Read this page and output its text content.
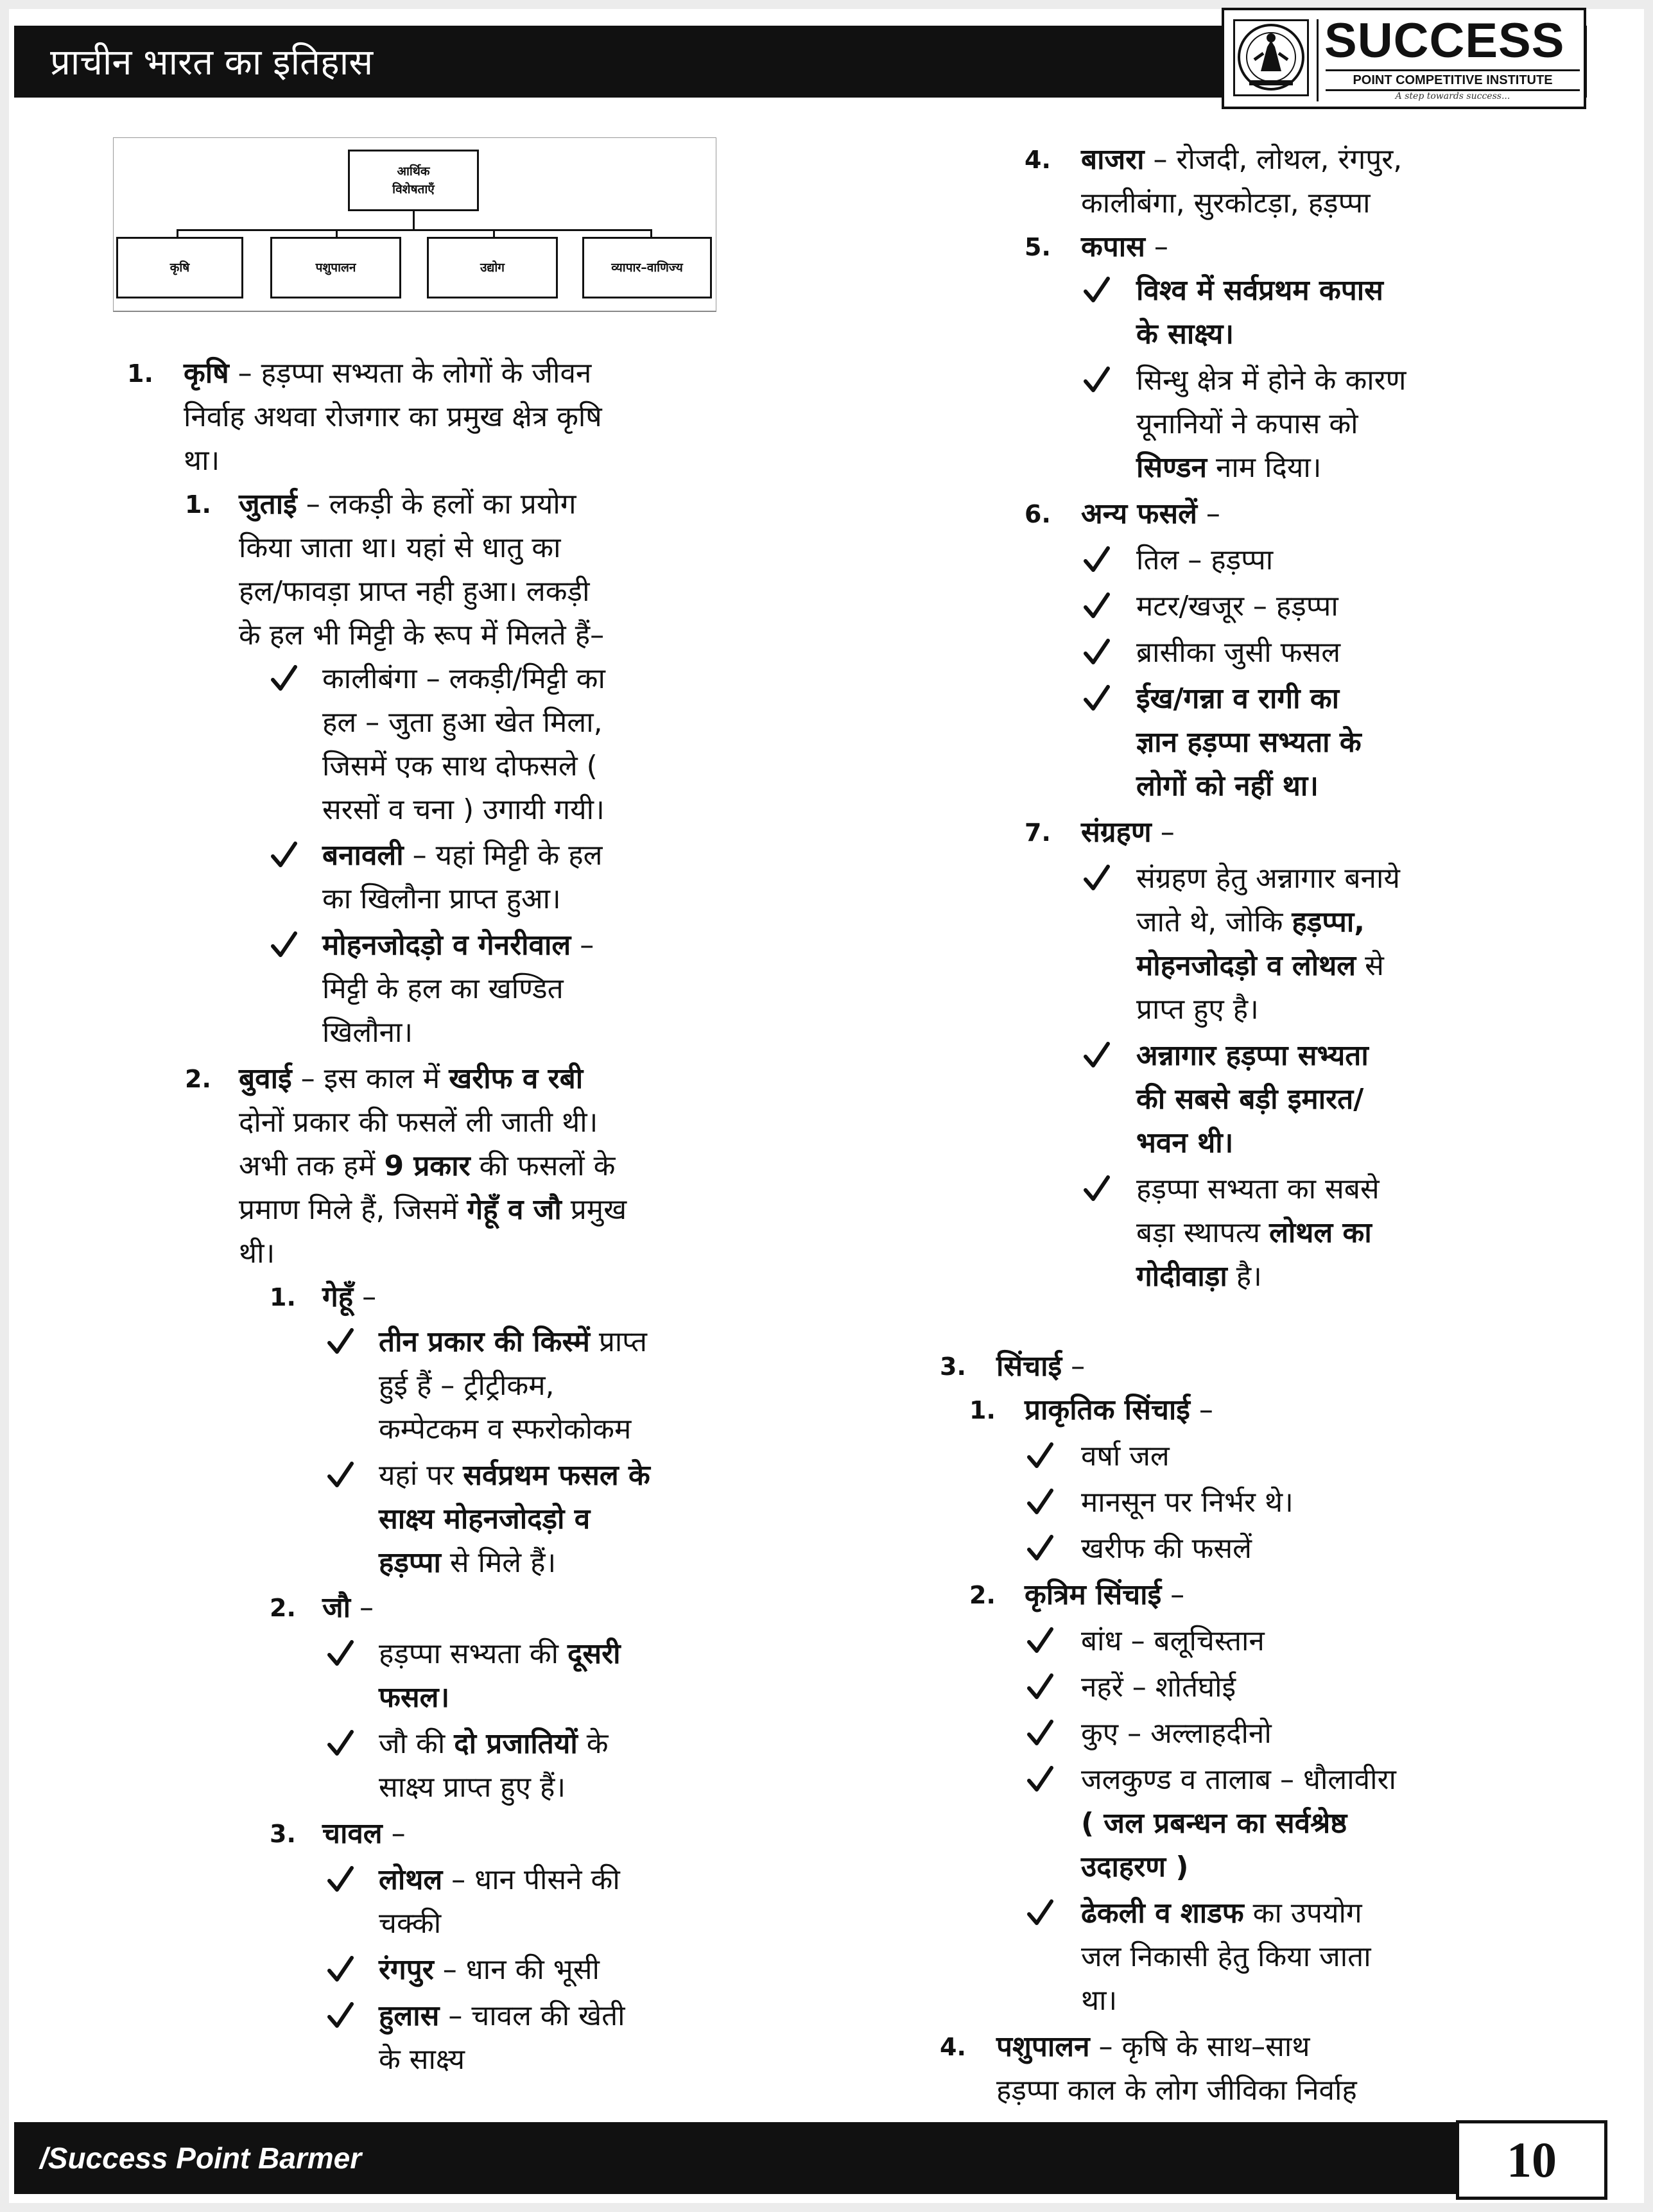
प्राचीन भारत का इतिहास	SUCCESS
POINT COMPETITIVE INSTITUTE
A step towards success...
आर्थिक विशेषताएँ
कृषि	पशुपालन	उद्योग	व्यापार–वाणिज्य
1. कृषि – हड़प्पा सभ्यता के लोगों के जीवन
निर्वाह अथवा रोजगार का प्रमुख क्षेत्र कृषि
था।
1. जुताई – लकड़ी के हलों का प्रयोग
किया जाता था। यहां से धातु का
हल/फावड़ा प्राप्त नही हुआ। लकड़ी
के हल भी मिट्टी के रूप में मिलते हैं–
कालीबंगा – लकड़ी/मिट्टी का
हल – जुता हुआ खेत मिला,
जिसमें एक साथ दोफसले (
सरसों व चना ) उगायी गयी।
बनावली – यहां मिट्टी के हल
का खिलौना प्राप्त हुआ।
मोहनजोदड़ो व गेनरीवाल –
मिट्टी के हल का खण्डित
खिलौना।
2. बुवाई – इस काल में खरीफ व रबी
दोनों प्रकार की फसलें ली जाती थी।
अभी तक हमें 9 प्रकार की फसलों के
प्रमाण मिले हैं, जिसमें गेहूँ व जौ प्रमुख
थी।
1. गेहूँ –
तीन प्रकार की किस्में प्राप्त
हुई हैं – ट्रीट्रीकम,
कम्पेटकम व स्फरोकोकम
यहां पर सर्वप्रथम फसल के
साक्ष्य मोहनजोदड़ो व
हड़प्पा से मिले हैं।
2. जौ –
हड़प्पा सभ्यता की दूसरी
फसल।
जौ की दो प्रजातियों के
साक्ष्य प्राप्त हुए हैं।
3. चावल –
लोथल – धान पीसने की
चक्की
रंगपुर – धान की भूसी
हुलास – चावल की खेती
के साक्ष्य
4. बाजरा – रोजदी, लोथल, रंगपुर,
कालीबंगा, सुरकोटड़ा, हड़प्पा
5. कपास –
विश्व में सर्वप्रथम कपास
के साक्ष्य।
सिन्धु क्षेत्र में होने के कारण
यूनानियों ने कपास को
सिण्डन नाम दिया।
6. अन्य फसलें –
तिल – हड़प्पा
मटर/खजूर – हड़प्पा
ब्रासीका जुसी फसल
ईख/गन्ना व रागी का
ज्ञान हड़प्पा सभ्यता के
लोगों को नहीं था।
7. संग्रहण –
संग्रहण हेतु अन्नागार बनाये
जाते थे, जोकि हड़प्पा,
मोहनजोदड़ो व लोथल से
प्राप्त हुए है।
अन्नागार हड़प्पा सभ्यता
की सबसे बड़ी इमारत/
भवन थी।
हड़प्पा सभ्यता का सबसे
बड़ा स्थापत्य लोथल का
गोदीवाड़ा है।
3. सिंचाई –
1. प्राकृतिक सिंचाई –
वर्षा जल
मानसून पर निर्भर थे।
खरीफ की फसलें
2. कृत्रिम सिंचाई –
बांध – बलूचिस्तान
नहरें – शोर्तघोई
कुए – अल्लाहदीनो
जलकुण्ड व तालाब – धौलावीरा
( जल प्रबन्धन का सर्वश्रेष्ठ
उदाहरण )
ढेकली व शाडफ का उपयोग
जल निकासी हेतु किया जाता
था।
4. पशुपालन – कृषि के साथ–साथ
हड़प्पा काल के लोग जीविका निर्वाह
/Success Point Barmer	10
